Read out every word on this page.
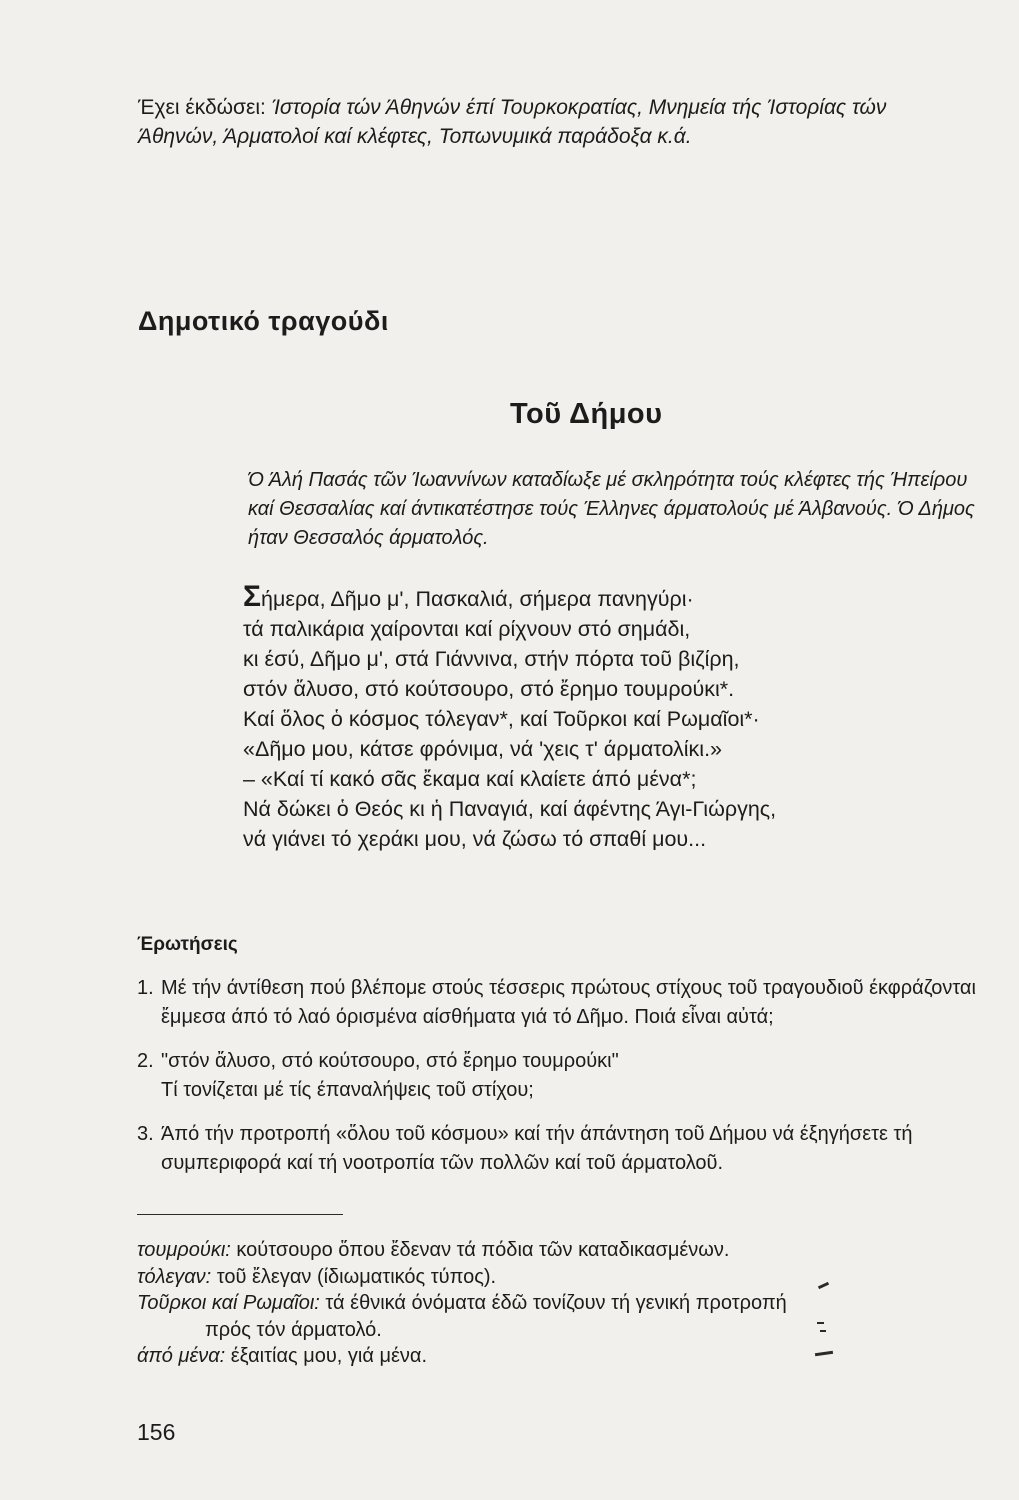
Έχει έκδώσει: Ίστορία τών Άθηνών έπί Τουρκοκρατίας, Μνημεία τής Ίστορίας τών Άθηνών, Άρματολοί καί κλέφτες, Τοπωνυμικά παράδοξα κ.ά.

Δημοτικό τραγούδι
Τοῦ Δήμου

Ό Άλή Πασάς τῶν Ίωαννίνων καταδίωξε μέ σκληρότητα τούς κλέφτες τής Ήπείρου καί Θεσσαλίας καί άντικατέστησε τούς Έλληνες άρματολούς μέ Άλβανούς. Ό Δήμος ήταν Θεσσαλός άρματολός.

Σήμερα, Δῆμο μ', Πασκαλιά, σήμερα πανηγύρι·
τά παλικάρια χαίρονται καί ρίχνουν στό σημάδι,
κι έσύ, Δῆμο μ', στά Γιάννινα, στήν πόρτα τοῦ βιζίρη,
στόν ἄλυσο, στό κούτσουρο, στό ἔρημο τουμρούκι*.
Καί ὅλος ὁ κόσμος τόλεγαν*, καί Τοῦρκοι καί Ρωμαῖοι*·
«Δῆμο μου, κάτσε φρόνιμα, νά 'χεις τ' άρματολίκι.»
– «Καί τί κακό σᾶς ἔκαμα καί κλαίετε άπό μένα*;
Νά δώκει ὁ Θεός κι ἡ Παναγιά, καί άφέντης Άγι-Γιώργης,
νά γιάνει τό χεράκι μου, νά ζώσω τό σπαθί μου...
Έρωτήσεις
1. Μέ τήν άντίθεση πού βλέπομε στούς τέσσερις πρώτους στίχους τοῦ τραγουδιοῦ έκφράζονται ἔμμεσα άπό τό λαό όρισμένα αίσθήματα γιά τό Δῆμο. Ποιά εἶναι αὐτά;
2. "στόν ἄλυσο, στό κούτσουρο, στό ἔρημο τουμρούκι"
Τί τονίζεται μέ τίς έπαναλήψεις τοῦ στίχου;
3. Άπό τήν προτροπή «ὅλου τοῦ κόσμου» καί τήν άπάντηση τοῦ Δήμου νά έξηγήσετε τή συμπεριφορά καί τή νοοτροπία τῶν πολλῶν καί τοῦ άρματολοῦ.
τουμρούκι: κούτσουρο ὅπου ἔδεναν τά πόδια τῶν καταδικασμένων.
τόλεγαν: τοῦ ἔλεγαν (ίδιωματικός τύπος).
Τοῦρκοι καί Ρωμαῖοι: τά έθνικά όνόματα έδῶ τονίζουν τή γενική προτροπή
πρός τόν άρματολό.
άπό μένα: έξαιτίας μου, γιά μένα.
156
